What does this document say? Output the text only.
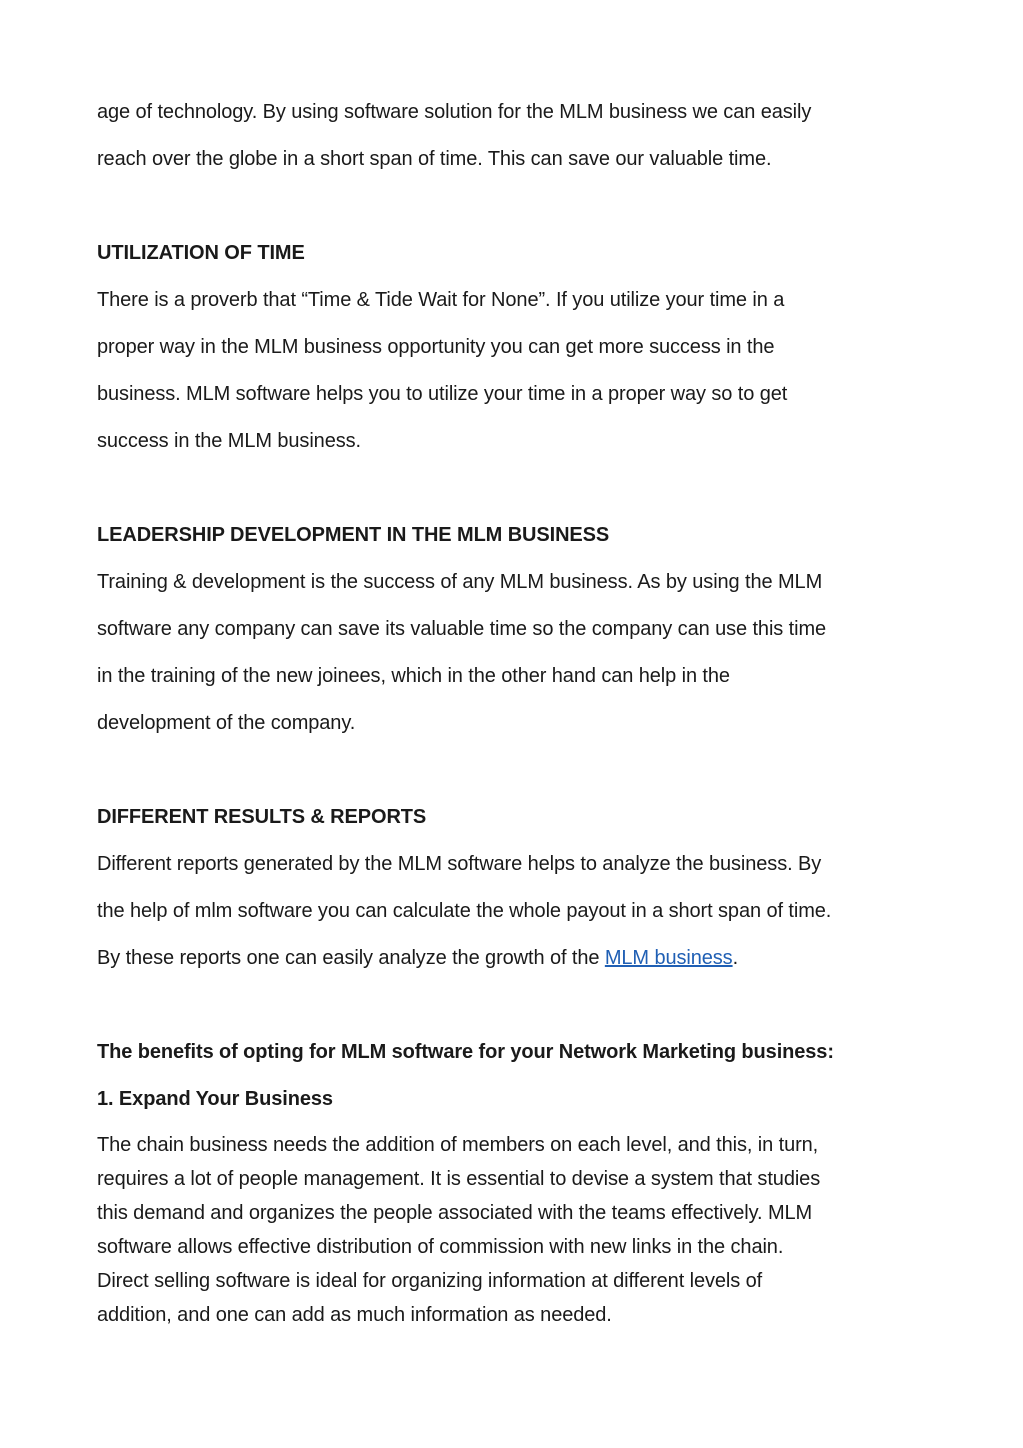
age of technology. By using software solution for the MLM business we can easily
reach over the globe in a short span of time. This can save our valuable time.
UTILIZATION OF TIME
There is a proverb that “Time & Tide Wait for None”. If you utilize your time in a
proper way in the MLM business opportunity you can get more success in the
business. MLM software helps you to utilize your time in a proper way so to get
success in the MLM business.
LEADERSHIP DEVELOPMENT IN THE MLM BUSINESS
Training & development is the success of any MLM business. As by using the MLM
software any company can save its valuable time so the company can use this time
in the training of the new joinees, which in the other hand can help in the
development of the company.
DIFFERENT RESULTS & REPORTS
Different reports generated by the MLM software helps to analyze the business. By
the help of mlm software you can calculate the whole payout in a short span of time.
By these reports one can easily analyze the growth of the MLM business.
The benefits of opting for MLM software for your Network Marketing business:
1. Expand Your Business
The chain business needs the addition of members on each level, and this, in turn,
requires a lot of people management. It is essential to devise a system that studies
this demand and organizes the people associated with the teams effectively. MLM
software allows effective distribution of commission with new links in the chain.
Direct selling software is ideal for organizing information at different levels of
addition, and one can add as much information as needed.
